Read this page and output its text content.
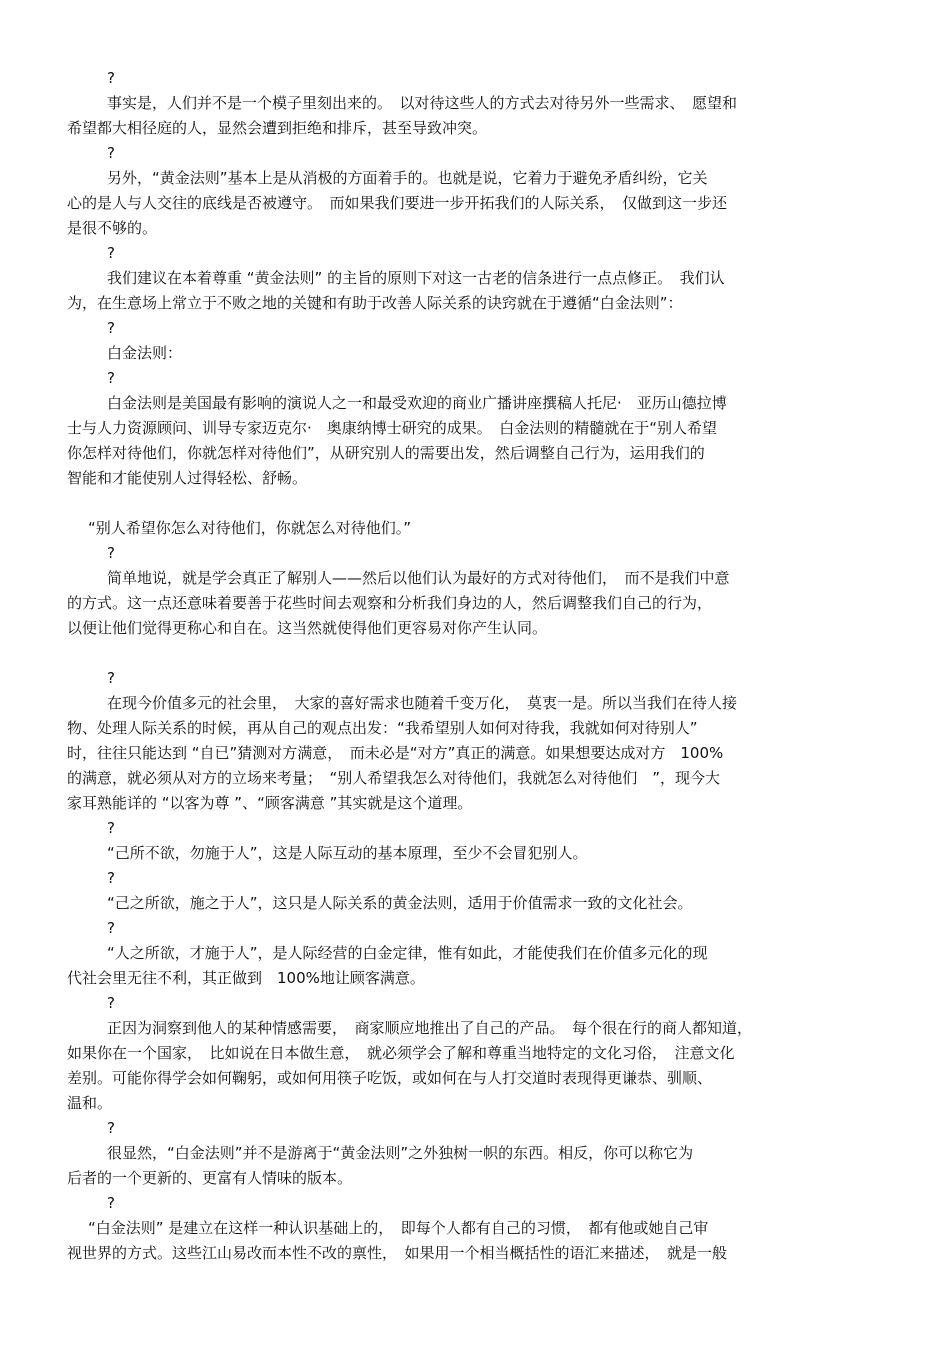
?
事实是，人们并不是一个模子里刻出来的。　以对待这些人的方式去对待另外一些需求、　愿望和
希望都大相径庭的人，显然会遭到拒绝和排斥，甚至导致冲突。
?
另外，“黄金法则”基本上是从消极的方面着手的。也就是说，它着力于避免矛盾纠纷，它关
心的是人与人交往的底线是否被遵守。　而如果我们要进一步开拓我们的人际关系，　仅做到这一步还
是很不够的。
?
我们建议在本着尊重 “黄金法则” 的主旨的原则下对这一古老的信条进行一点点修正。　我们认
为，在生意场上常立于不败之地的关键和有助于改善人际关系的诀窍就在于遵循“白金法则”：
?
白金法则：
?
白金法则是美国最有影响的演说人之一和最受欢迎的商业广播讲座撰稿人托尼·　亚历山德拉博
士与人力资源顾问、训导专家迈克尔·　奥康纳博士研究的成果。　白金法则的精髓就在于“别人希望
你怎样对待他们，你就怎样对待他们”，从研究别人的需要出发，然后调整自己行为，运用我们的
智能和才能使别人过得轻松、舒畅。
“别人希望你怎么对待他们，你就怎么对待他们。”
?
简单地说，就是学会真正了解别人——然后以他们认为最好的方式对待他们，　而不是我们中意
的方式。这一点还意味着要善于花些时间去观察和分析我们身边的人，然后调整我们自己的行为，
以便让他们觉得更称心和自在。这当然就使得他们更容易对你产生认同。
?
在现今价值多元的社会里，　大家的喜好需求也随着千变万化，　莫衷一是。所以当我们在待人接
物、处理人际关系的时候，再从自己的观点出发：“我希望别人如何对待我，我就如何对待别人”
时，往往只能达到 “自已”猜测对方满意，　而未必是“对方”真正的满意。如果想要达成对方　100%
的满意，就必须从对方的立场来考量；　“别人希望我怎么对待他们，我就怎么对待他们　”，现今大
家耳熟能详的 “以客为尊 ”、“顾客满意 ”其实就是这个道理。
?
“己所不欲，勿施于人”，这是人际互动的基本原理，至少不会冒犯别人。
?
“己之所欲，施之于人”，这只是人际关系的黄金法则，适用于价值需求一致的文化社会。
?
“人之所欲，才施于人”，是人际经营的白金定律，惟有如此，才能使我们在价值多元化的现
代社会里无往不利，其正做到　100%地让顾客满意。
?
正因为洞察到他人的某种情感需要，　商家顺应地推出了自己的产品。　每个很在行的商人都知道，
如果你在一个国家，　比如说在日本做生意，　就必须学会了解和尊重当地特定的文化习俗，　注意文化
差别。可能你得学会如何鞠躬，或如何用筷子吃饭，或如何在与人打交道时表现得更谦恭、驯顺、
温和。
?
很显然，“白金法则”并不是游离于“黄金法则”之外独树一帜的东西。相反，你可以称它为
后者的一个更新的、更富有人情味的版本。
?
“白金法则” 是建立在这样一种认识基础上的，　即每个人都有自己的习惯，　都有他或她自己审
视世界的方式。这些江山易改而本性不改的禀性，　如果用一个相当概括性的语汇来描述，　就是一般
